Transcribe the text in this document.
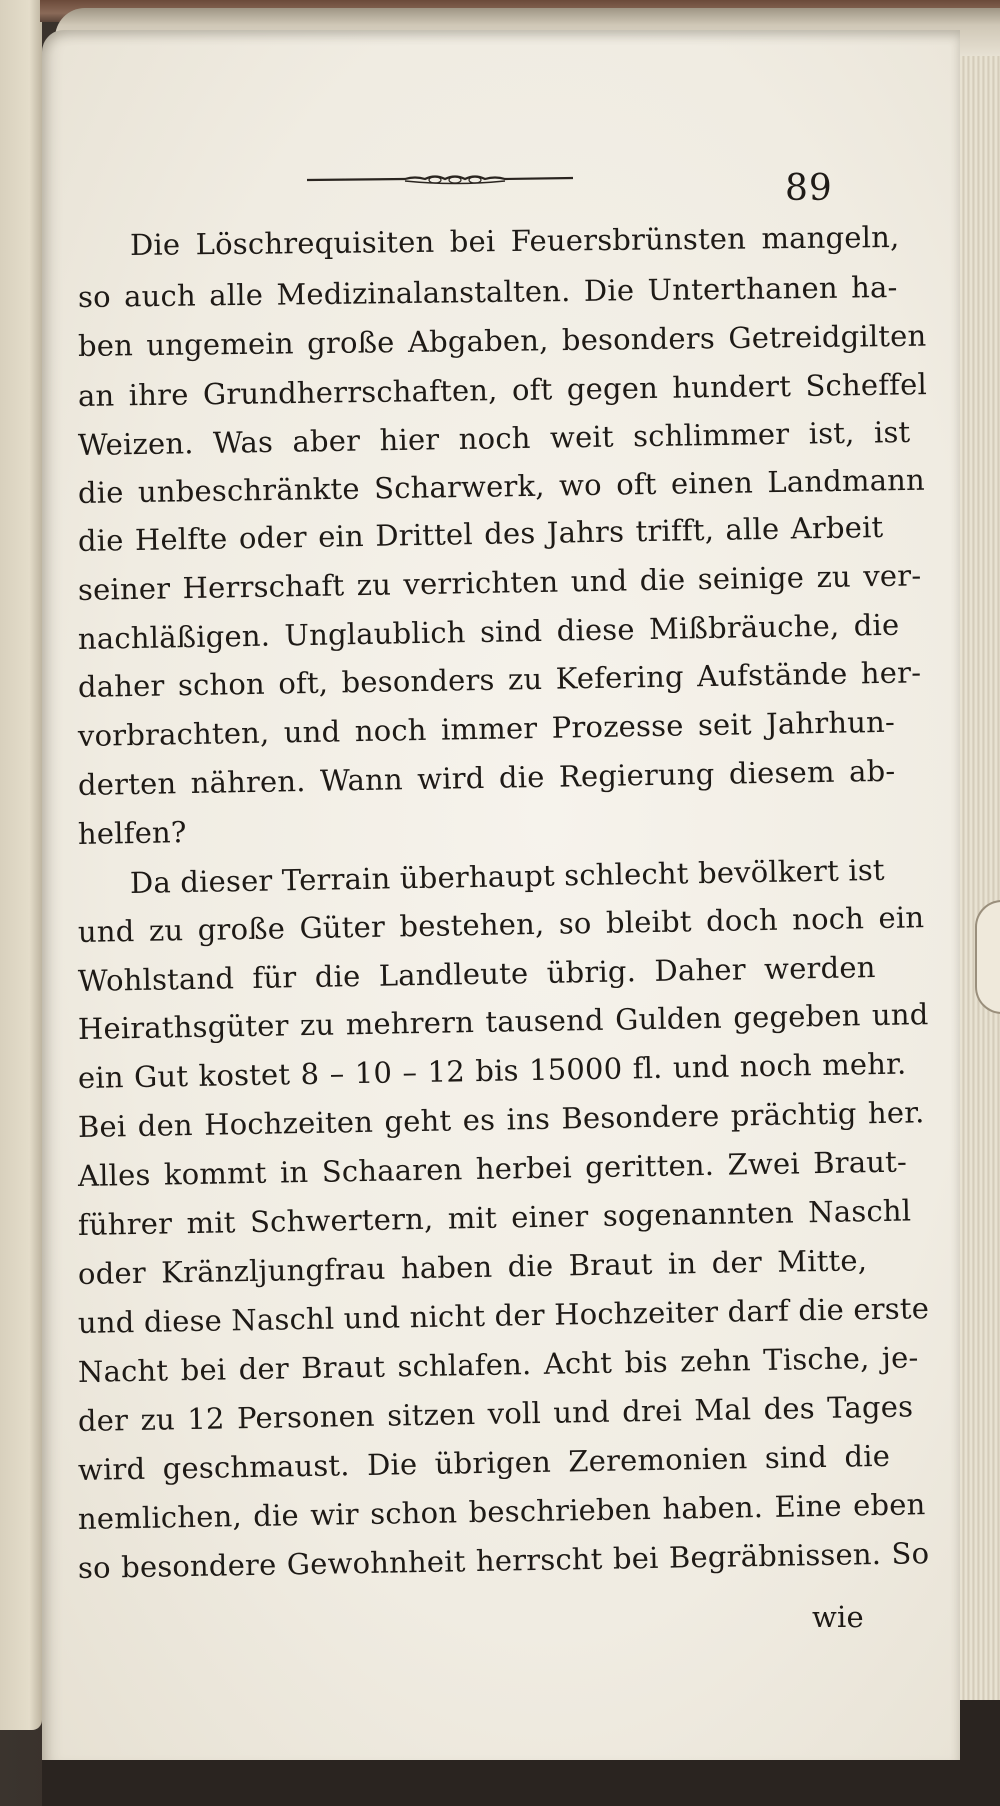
89
Die Löschrequisiten bei Feuersbrünsten mangeln,
so auch alle Medizinalanstalten. Die Unterthanen ha-
ben ungemein große Abgaben, besonders Getreidgilten
an ihre Grundherrschaften, oft gegen hundert Scheffel
Weizen. Was aber hier noch weit schlimmer ist, ist
die unbeschränkte Scharwerk, wo oft einen Landmann
die Helfte oder ein Drittel des Jahrs trifft, alle Arbeit
seiner Herrschaft zu verrichten und die seinige zu ver-
nachläßigen. Unglaublich sind diese Mißbräuche, die
daher schon oft, besonders zu Kefering Aufstände her-
vorbrachten, und noch immer Prozesse seit Jahrhun-
derten nähren. Wann wird die Regierung diesem ab-
helfen?
Da dieser Terrain überhaupt schlecht bevölkert ist
und zu große Güter bestehen, so bleibt doch noch ein
Wohlstand für die Landleute übrig. Daher werden
Heirathsgüter zu mehrern tausend Gulden gegeben und
ein Gut kostet 8 – 10 – 12 bis 15000 fl. und noch mehr.
Bei den Hochzeiten geht es ins Besondere prächtig her.
Alles kommt in Schaaren herbei geritten. Zwei Braut-
führer mit Schwertern, mit einer sogenannten Naschl
oder Kränzljungfrau haben die Braut in der Mitte,
und diese Naschl und nicht der Hochzeiter darf die erste
Nacht bei der Braut schlafen. Acht bis zehn Tische, je-
der zu 12 Personen sitzen voll und drei Mal des Tages
wird geschmaust. Die übrigen Zeremonien sind die
nemlichen, die wir schon beschrieben haben. Eine eben
so besondere Gewohnheit herrscht bei Begräbnissen. So
wie
